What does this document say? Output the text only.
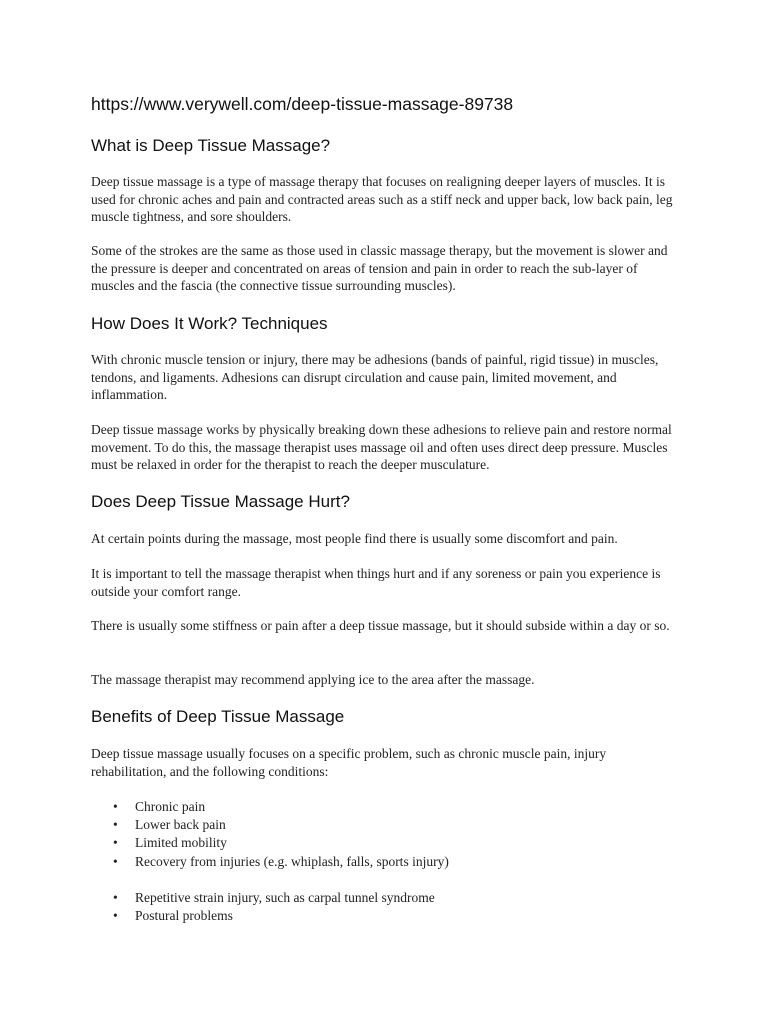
https://www.verywell.com/deep-tissue-massage-89738
What is Deep Tissue Massage?

Deep tissue massage is a type of massage therapy that focuses on realigning deeper layers of muscles. It is used for chronic aches and pain and contracted areas such as a stiff neck and upper back, low back pain, leg muscle tightness, and sore shoulders.

Some of the strokes are the same as those used in classic massage therapy, but the movement is slower and the pressure is deeper and concentrated on areas of tension and pain in order to reach the sub-layer of muscles and the fascia (the connective tissue surrounding muscles).

How Does It Work? Techniques

With chronic muscle tension or injury, there may be adhesions (bands of painful, rigid tissue) in muscles, tendons, and ligaments. Adhesions can disrupt circulation and cause pain, limited movement, and inflammation.

Deep tissue massage works by physically breaking down these adhesions to relieve pain and restore normal movement. To do this, the massage therapist uses massage oil and often uses direct deep pressure. Muscles must be relaxed in order for the therapist to reach the deeper musculature.

Does Deep Tissue Massage Hurt?

At certain points during the massage, most people find there is usually some discomfort and pain.

It is important to tell the massage therapist when things hurt and if any soreness or pain you experience is outside your comfort range.

There is usually some stiffness or pain after a deep tissue massage, but it should subside within a day or so.

The massage therapist may recommend applying ice to the area after the massage.

Benefits of Deep Tissue Massage

Deep tissue massage usually focuses on a specific problem, such as chronic muscle pain, injury rehabilitation, and the following conditions:

• Chronic pain
• Lower back pain
• Limited mobility
• Recovery from injuries (e.g. whiplash, falls, sports injury)
• Repetitive strain injury, such as carpal tunnel syndrome
• Postural problems
